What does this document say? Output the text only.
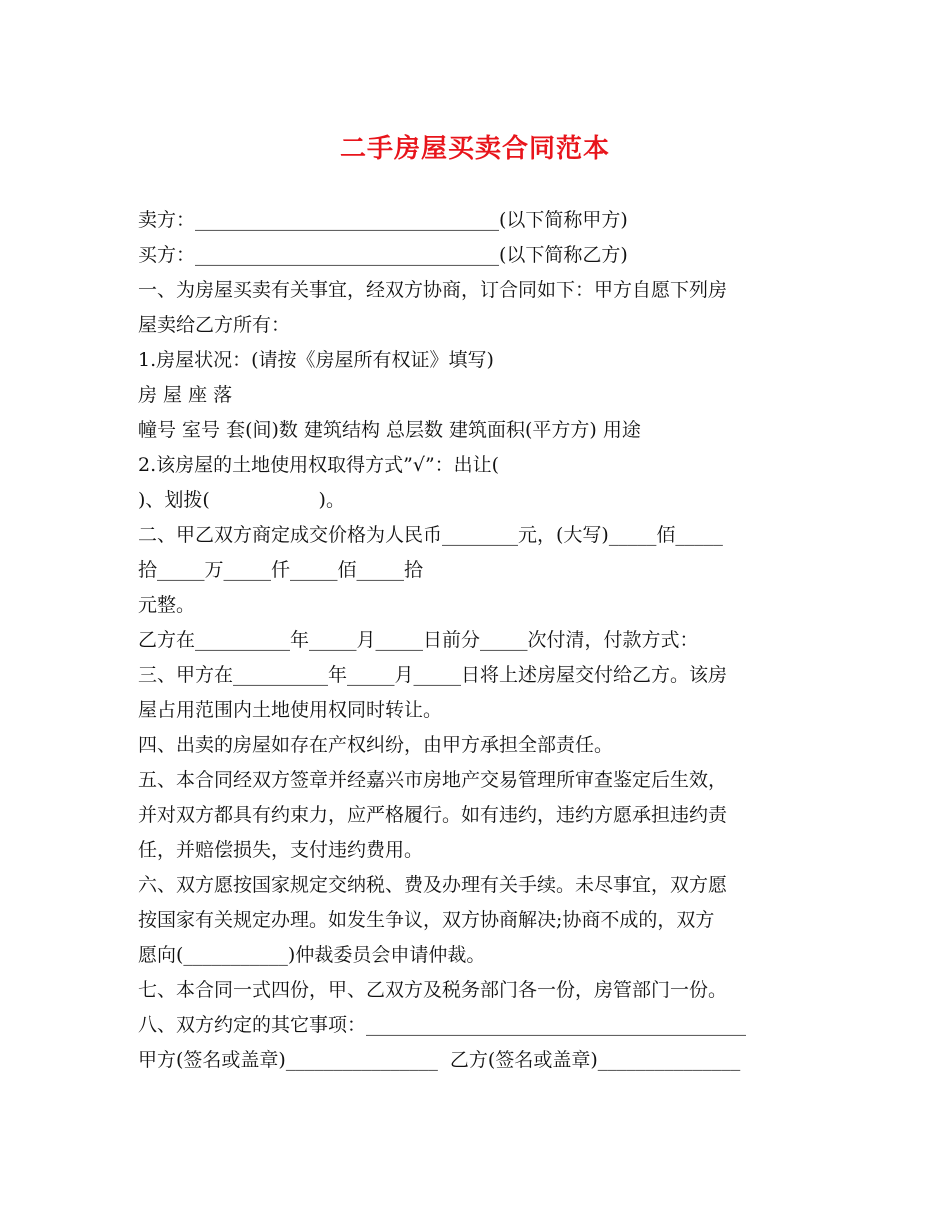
二手房屋买卖合同范本
卖方：________________________________(以下简称甲方)
买方：________________________________(以下简称乙方)
一、为房屋买卖有关事宜，经双方协商，订合同如下：甲方自愿下列房
屋卖给乙方所有：
1.房屋状况：(请按《房屋所有权证》填写)
房 屋 座 落
幢号 室号 套(间)数 建筑结构 总层数 建筑面积(平方方) 用途
2.该房屋的土地使用权取得方式”√”：出让(
)、划拨(                  )。
二、甲乙双方商定成交价格为人民币________元，(大写)_____佰_____
拾_____万_____仟_____佰_____拾
元整。
乙方在__________年_____月_____日前分_____次付清，付款方式：
三、甲方在__________年_____月_____日将上述房屋交付给乙方。该房
屋占用范围内土地使用权同时转让。
四、出卖的房屋如存在产权纠纷，由甲方承担全部责任。
五、本合同经双方签章并经嘉兴市房地产交易管理所审查鉴定后生效，
并对双方都具有约束力，应严格履行。如有违约，违约方愿承担违约责
任，并赔偿损失，支付违约费用。
六、双方愿按国家规定交纳税、费及办理有关手续。未尽事宜，双方愿
按国家有关规定办理。如发生争议，双方协商解决;协商不成的，双方
愿向(___________)仲裁委员会申请仲裁。
七、本合同一式四份，甲、乙双方及税务部门各一份，房管部门一份。
八、双方约定的其它事项：________________________________________
甲方(签名或盖章)________________  乙方(签名或盖章)_______________
